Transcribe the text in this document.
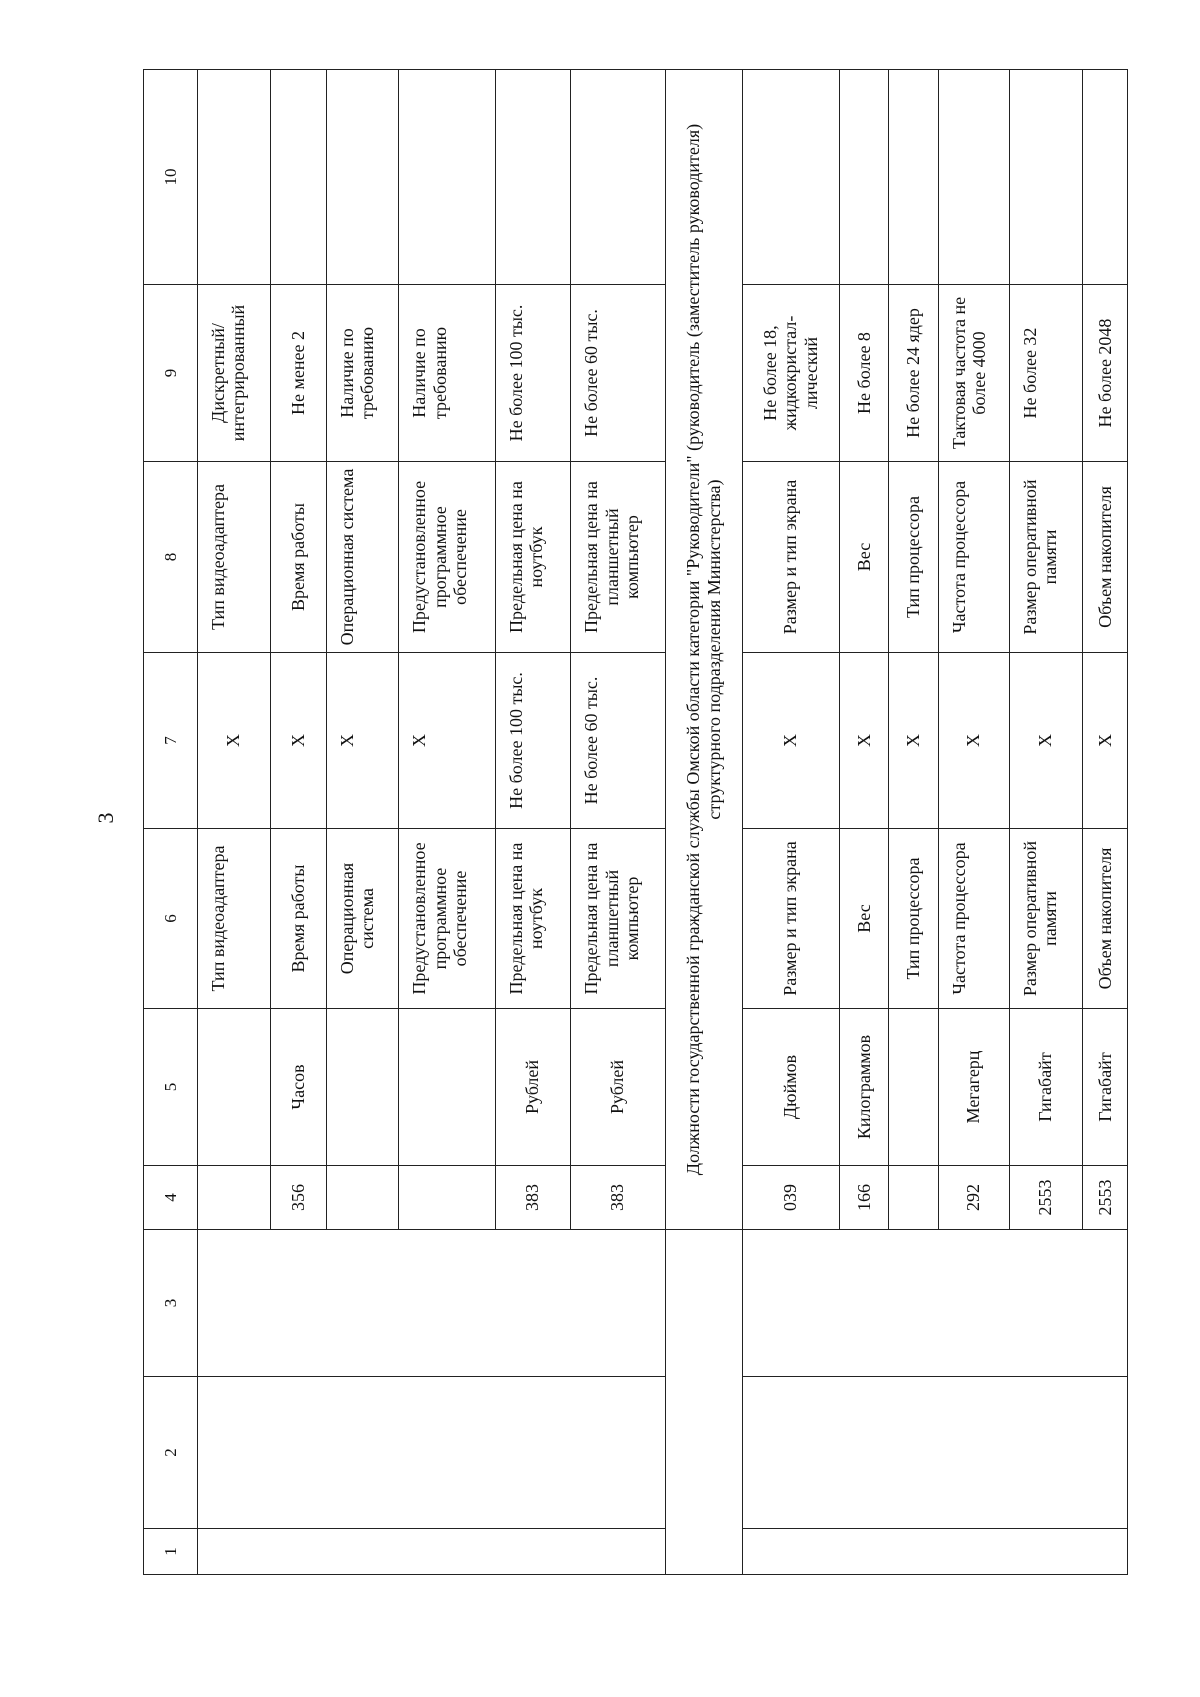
3
1	2	3	4	5	6	7	8	9	10
					Тип видеоадаптера	X	Тип видеоадаптера	Дискретный/ интегрированный	
			356	Часов	Время работы	X	Время работы	Не менее 2	
					Операционная система	X	Операционная система	Наличие по требованию	
					Предустановленное программное обеспечение	X	Предустановленное программное обеспечение	Наличие по требованию	
			383	Рублей	Предельная цена на ноутбук	Не более 100 тыс.	Предельная цена на ноутбук	Не более 100 тыс.	
			383	Рублей	Предельная цена на планшетный компьютер	Не более 60 тыс.	Предельная цена на планшетный компьютер	Не более 60 тыс.	
			Должности государственной гражданской службы Омской области категории "Руководители" (руководитель (заместитель руководителя) структурного подразделения Министерства)						
			039	Дюймов	Размер и тип экрана	X	Размер и тип экрана	Не более 18, жидкокристал- лический	
			166	Килограммов	Вес	X	Вес	Не более 8	
					Тип процессора	X	Тип процессора	Не более 24 ядер	
			292	Мегагерц	Частота процессора	X	Частота процессора	Тактовая частота не более 4000	
			2553	Гигабайт	Размер оперативной памяти	X	Размер оперативной памяти	Не более 32	
			2553	Гигабайт	Объем накопителя	X	Объем накопителя	Не более 2048	
